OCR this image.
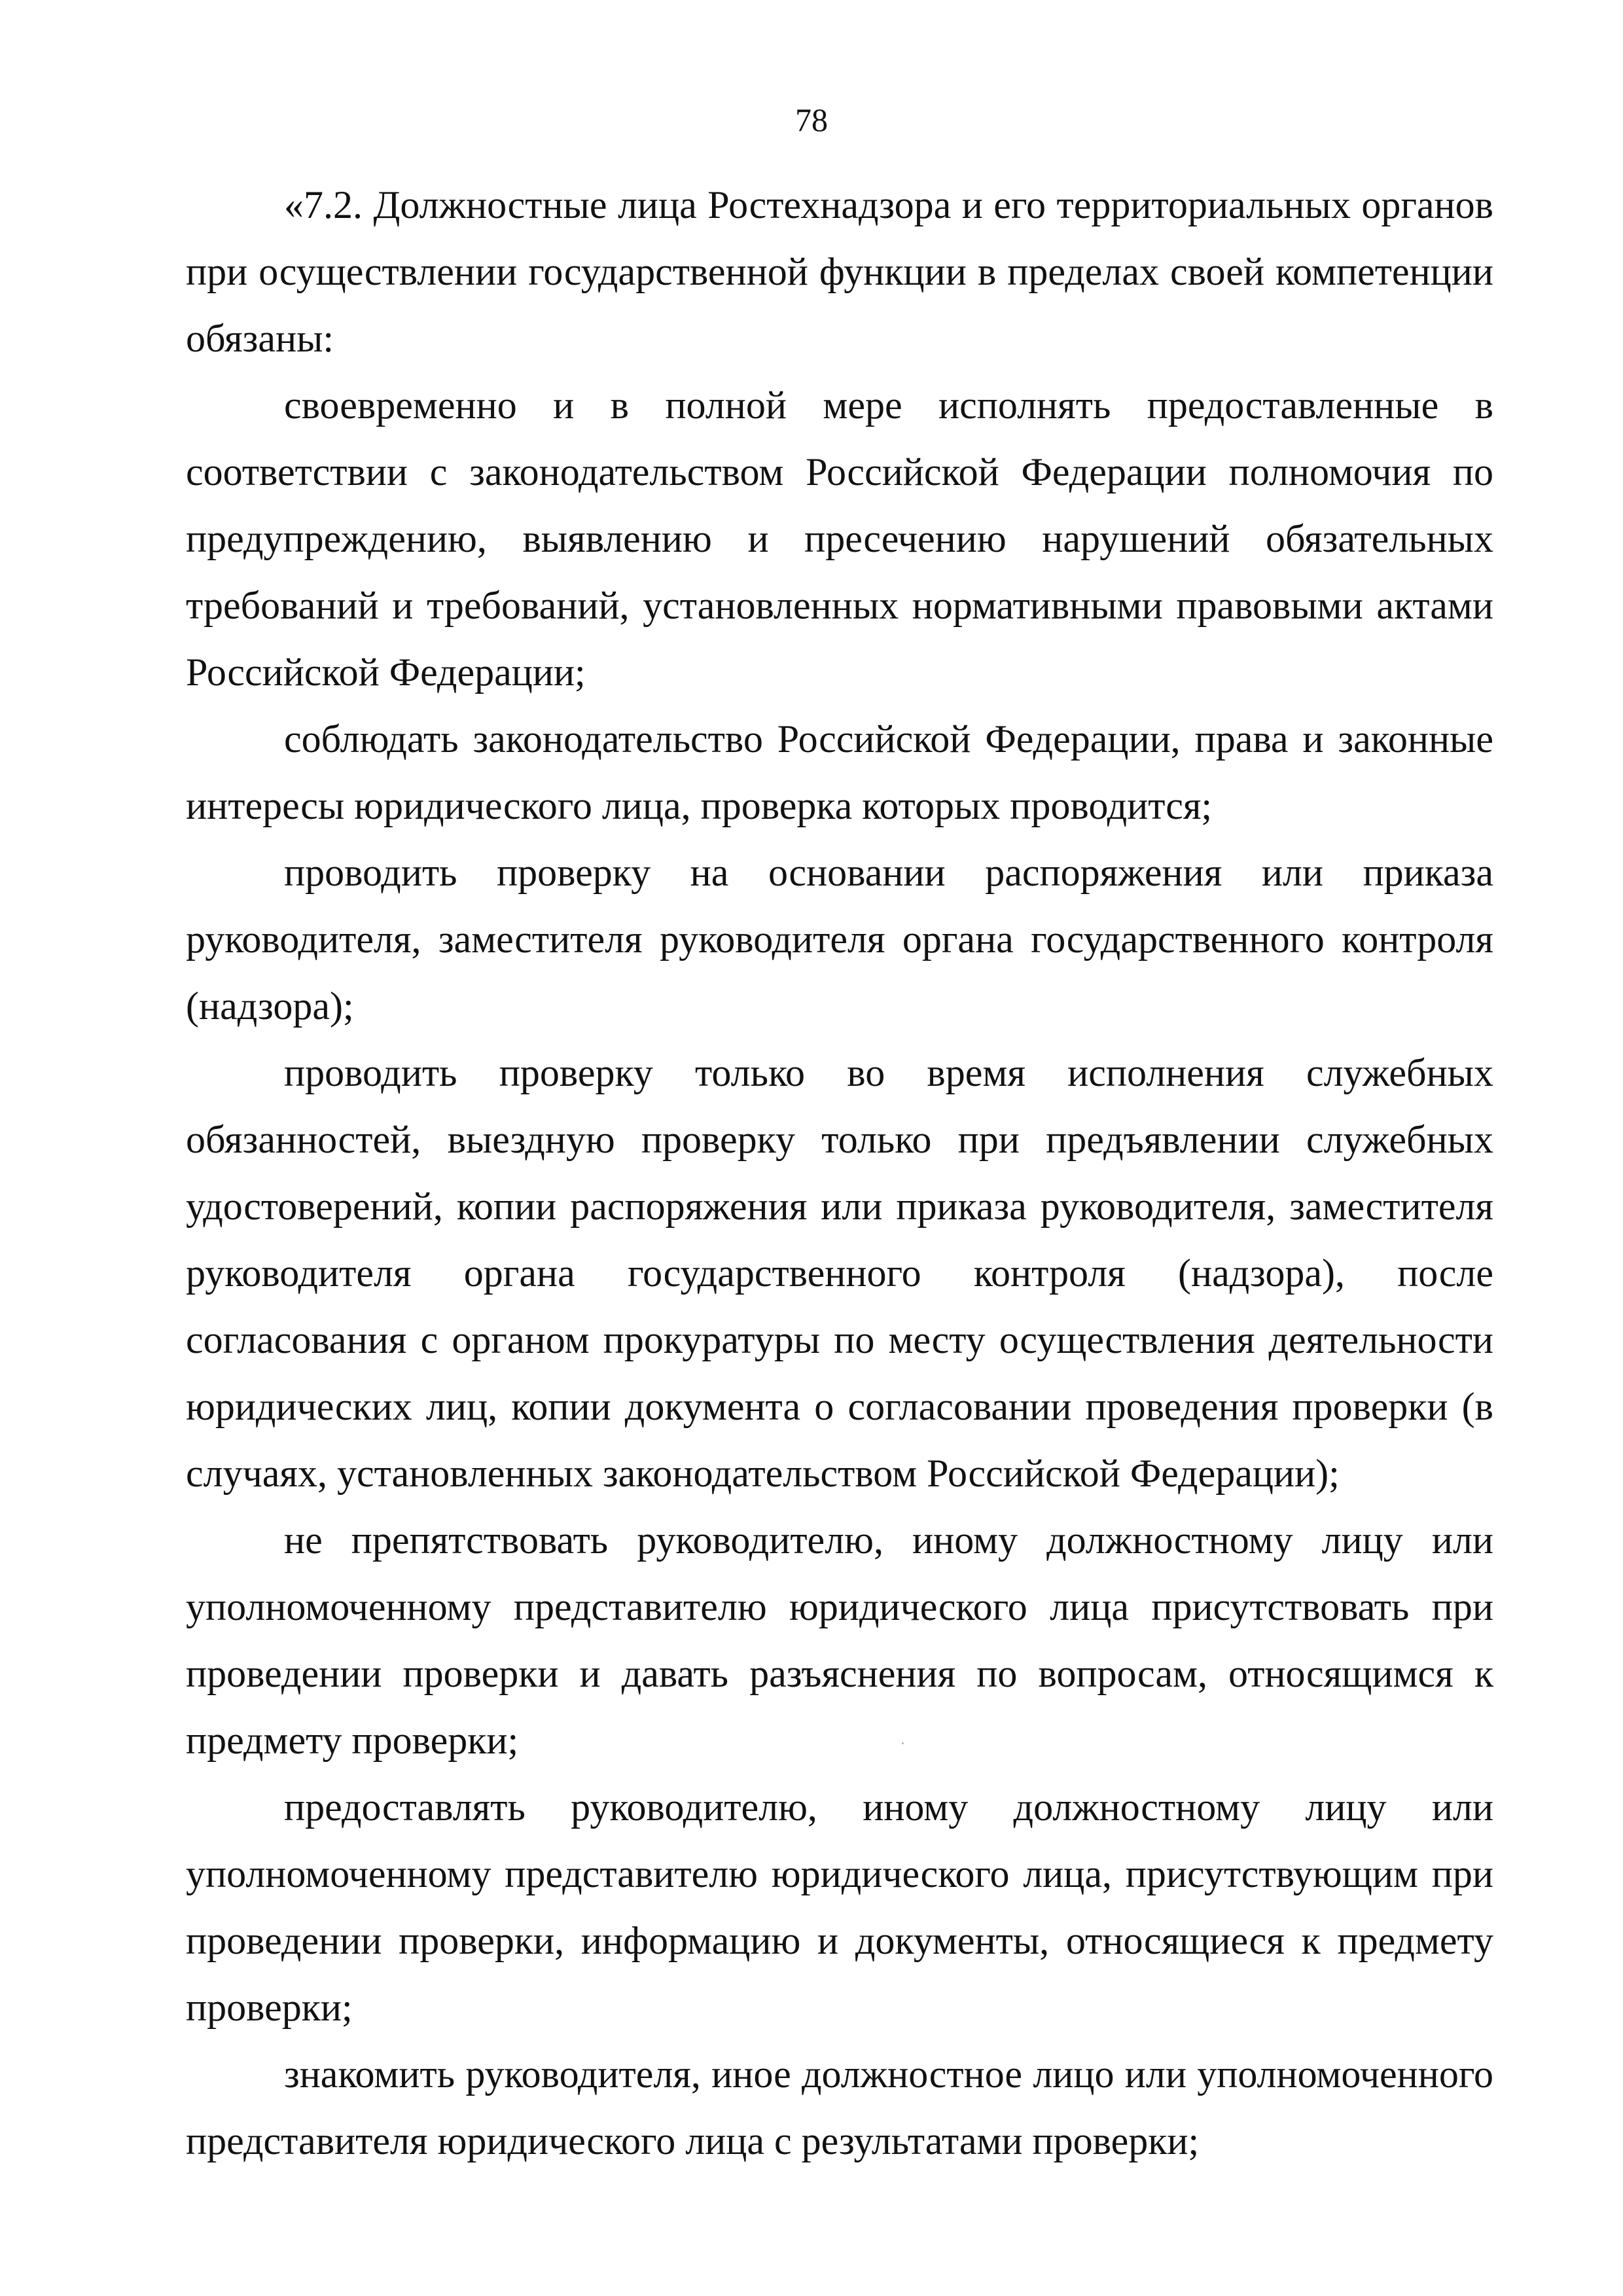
78

«7.2. Должностные лица Ростехнадзора и его территориальных органов при осуществлении государственной функции в пределах своей компетенции обязаны:

своевременно и в полной мере исполнять предоставленные в соответствии с законодательством Российской Федерации полномочия по предупреждению, выявлению и пресечению нарушений обязательных требований и требований, установленных нормативными правовыми актами Российской Федерации;

соблюдать законодательство Российской Федерации, права и законные интересы юридического лица, проверка которых проводится;

проводить проверку на основании распоряжения или приказа руководителя, заместителя руководителя органа государственного контроля (надзора);

проводить проверку только во время исполнения служебных обязанностей, выездную проверку только при предъявлении служебных удостоверений, копии распоряжения или приказа руководителя, заместителя руководителя органа государственного контроля (надзора), после согласования с органом прокуратуры по месту осуществления деятельности юридических лиц, копии документа о согласовании проведения проверки (в случаях, установленных законодательством Российской Федерации);

не препятствовать руководителю, иному должностному лицу или уполномоченному представителю юридического лица присутствовать при проведении проверки и давать разъяснения по вопросам, относящимся к предмету проверки;

предоставлять руководителю, иному должностному лицу или уполномоченному представителю юридического лица, присутствующим при проведении проверки, информацию и документы, относящиеся к предмету проверки;

знакомить руководителя, иное должностное лицо или уполномоченного представителя юридического лица с результатами проверки;
